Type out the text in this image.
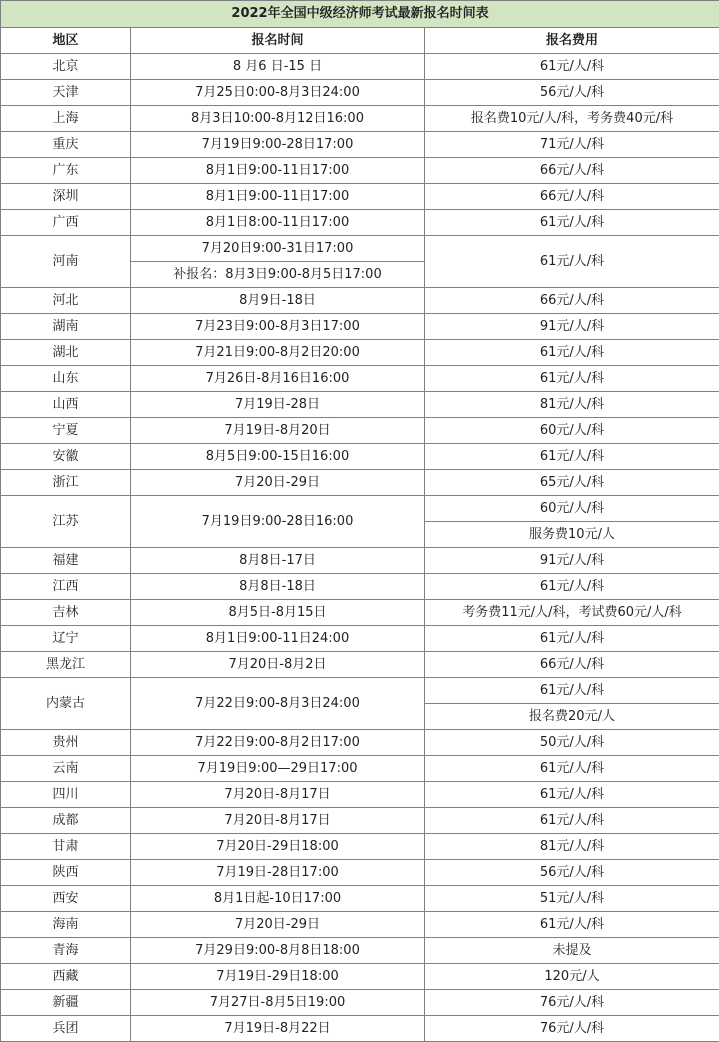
2022年全国中级经济师考试最新报名时间表		
地区	报名时间	报名费用
北京	8 月6 日-15 日	61元/人/科
天津	7月25日0:00-8月3日24:00	56元/人/科
上海	8月3日10:00-8月12日16:00	报名费10元/人/科，考务费40元/科
重庆	7月19日9:00-28日17:00	71元/人/科
广东	8月1日9:00-11日17:00	66元/人/科
深圳	8月1日9:00-11日17:00	66元/人/科
广西	8月1日8:00-11日17:00	61元/人/科
河南	7月20日9:00-31日17:00	61元/人/科
	补报名：8月3日9:00-8月5日17:00	
河北	8月9日-18日	66元/人/科
湖南	7月23日9:00-8月3日17:00	91元/人/科
湖北	7月21日9:00-8月2日20:00	61元/人/科
山东	7月26日-8月16日16:00	61元/人/科
山西	7月19日-28日	81元/人/科
宁夏	7月19日-8月20日	60元/人/科
安徽	8月5日9:00-15日16:00	61元/人/科
浙江	7月20日-29日	65元/人/科
江苏	7月19日9:00-28日16:00	60元/人/科
		服务费10元/人
福建	8月8日-17日	91元/人/科
江西	8月8日-18日	61元/人/科
吉林	8月5日-8月15日	考务费11元/人/科，考试费60元/人/科
辽宁	8月1日9:00-11日24:00	61元/人/科
黑龙江	7月20日-8月2日	66元/人/科
内蒙古	7月22日9:00-8月3日24:00	61元/人/科
		报名费20元/人
贵州	7月22日9:00-8月2日17:00	50元/人/科
云南	7月19日9:00—29日17:00	61元/人/科
四川	7月20日-8月17日	61元/人/科
成都	7月20日-8月17日	61元/人/科
甘肃	7月20日-29日18:00	81元/人/科
陕西	7月19日-28日17:00	56元/人/科
西安	8月1日起-10日17:00	51元/人/科
海南	7月20日-29日	61元/人/科
青海	7月29日9:00-8月8日18:00	未提及
西藏	7月19日-29日18:00	120元/人
新疆	7月27日-8月5日19:00	76元/人/科
兵团	7月19日-8月22日	76元/人/科
